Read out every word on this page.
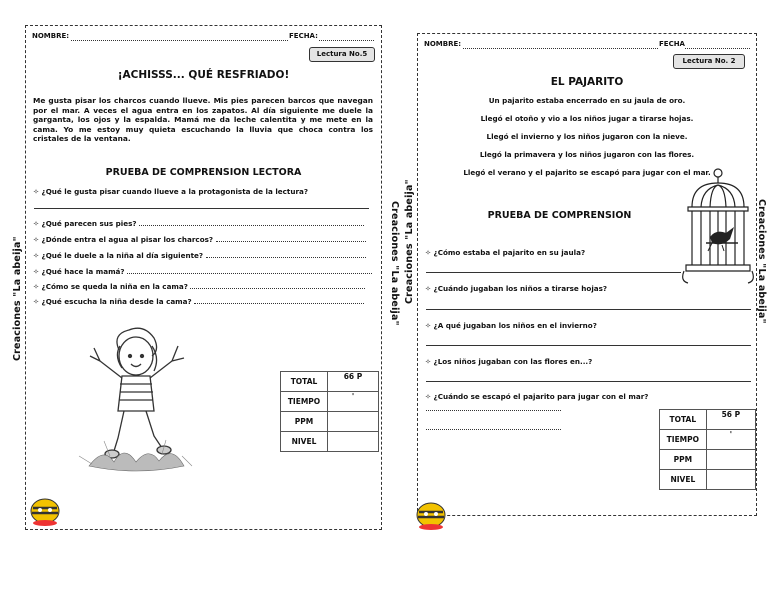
Creaciones "La abeija"	Creaciones "La abeija"
NOMBRE:	FECHA:
Lectura No.5
¡ACHISSS... QUÉ RESFRIADO!
Me gusta pisar los charcos cuando llueve. Mis pies parecen barcos que navegan por el mar. A veces el agua entra en los zapatos. Al día siguiente me duele la garganta, los ojos y la espalda. Mamá me da leche calentita y me mete en la cama. Yo me estoy muy quieta escuchando la lluvia que choca contra los cristales de la ventana.
PRUEBA DE COMPRENSION LECTORA
✧ ¿Qué le gusta pisar cuando llueve a la protagonista de la lectura?
✧ ¿Qué parecen sus pies?
✧ ¿Dónde entra el agua al pisar los charcos?
✧ ¿Qué le duele a la niña al día siguiente?
✧ ¿Qué hace la mamá?
✧ ¿Cómo se queda la niña en la cama?
✧ ¿Qué escucha la niña desde la cama?
TOTAL	66 P
TIEMPO	'
PPM	
NIVEL	
Creaciones "La abeija"	Creaciones "La abeija"
NOMBRE:	FECHA
Lectura No. 2
EL PAJARITO
Un pajarito estaba encerrado en su jaula de oro.
Llegó el otoño y vio a los niños jugar a tirarse hojas.
Llegó el invierno y los niños jugaron con la nieve.
Llegó la primavera y los niños jugaron con las flores.
Llegó el verano y el pajarito se escapó para jugar con el mar.
PRUEBA DE COMPRENSION
✧ ¿Cómo estaba el pajarito en su jaula?
✧ ¿Cuándo jugaban los niños a tirarse hojas?
✧ ¿A qué jugaban los niños en el invierno?
✧ ¿Los niños jugaban con las flores en...?
✧ ¿Cuándo se escapó el pajarito para jugar con el mar?
TOTAL	56 P
TIEMPO	'
PPM	
NIVEL	
